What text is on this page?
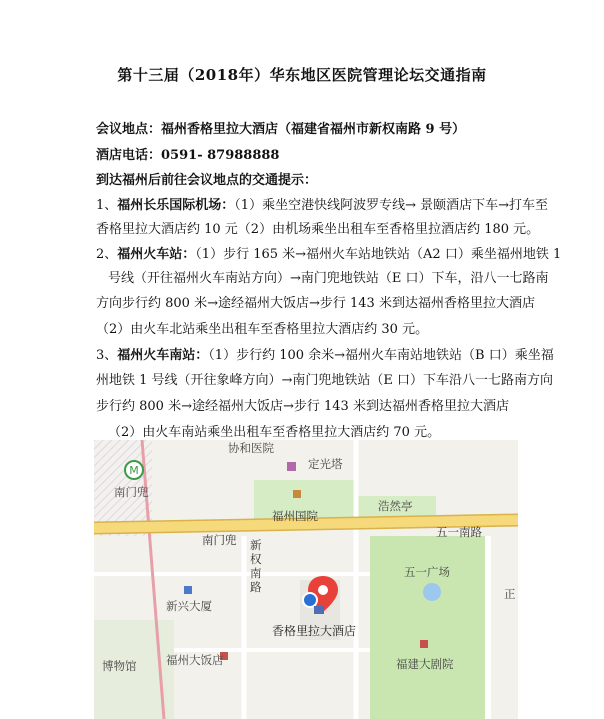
第十三届（2018年）华东地区医院管理论坛交通指南
会议地点：福州香格里拉大酒店（福建省福州市新权南路 9 号）
酒店电话：0591- 87988888
到达福州后前往会议地点的交通提示：
1、福州长乐国际机场：（1）乘坐空港快线阿波罗专线→ 景颐酒店下车→打车至
香格里拉大酒店约 10 元（2）由机场乘坐出租车至香格里拉酒店约 180 元。
2、福州火车站：（1）步行 165 米→福州火车站地铁站（A2 口）乘坐福州地铁 1
号线（开往福州火车南站方向）→南门兜地铁站（E 口）下车，沿八一七路南
方向步行约 800 米→途经福州大饭店→步行 143 米到达福州香格里拉大酒店
（2）由火车北站乘坐出租车至香格里拉大酒店约 30 元。
3、福州火车南站：（1）步行约 100 余米→福州火车南站地铁站（B 口）乘坐福
州地铁 1 号线（开往象峰方向）→南门兜地铁站（E 口）下车沿八一七路南方向
步行约 800 米→途经福州大饭店→步行 143 米到达福州香格里拉大酒店
（2）由火车南站乘坐出租车至香格里拉大酒店约 70 元。
M
协和医院
定光塔
南门兜
浩然亭
福州国院
五一南路
南门兜 新权南路
五一广场
新兴大厦
香格里拉大酒店
福州大饭店
博物馆	福建大剧院
正
